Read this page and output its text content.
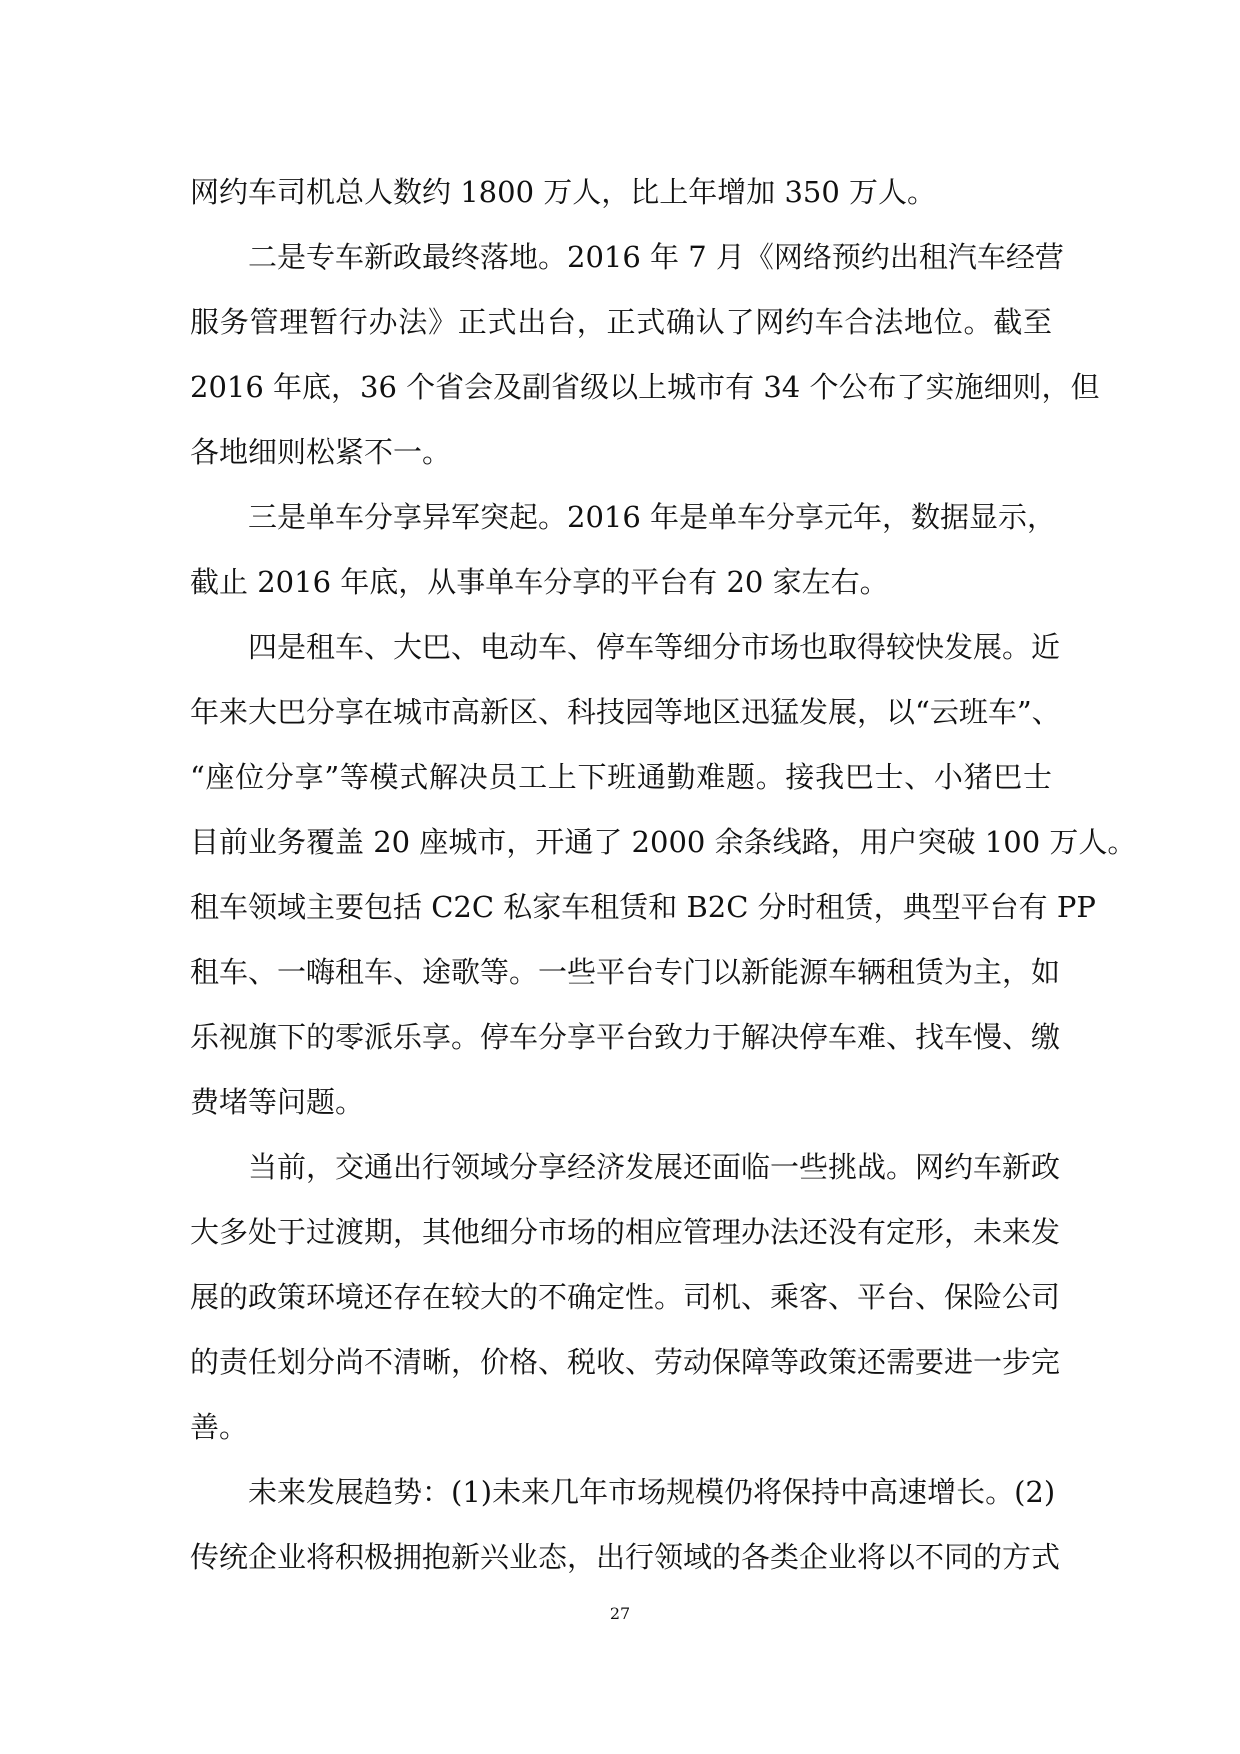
网约车司机总人数约 1800 万人，比上年增加 350 万人。
二是专车新政最终落地。2016 年 7 月《网络预约出租汽车经营
服务管理暂行办法》正式出台，正式确认了网约车合法地位。截至
2016 年底，36 个省会及副省级以上城市有 34 个公布了实施细则，但
各地细则松紧不一。
三是单车分享异军突起。2016 年是单车分享元年，数据显示，
截止 2016 年底，从事单车分享的平台有 20 家左右。
四是租车、大巴、电动车、停车等细分市场也取得较快发展。近
年来大巴分享在城市高新区、科技园等地区迅猛发展，以“云班车”、
“座位分享”等模式解决员工上下班通勤难题。接我巴士、小猪巴士
目前业务覆盖 20 座城市，开通了 2000 余条线路，用户突破 100 万人。
租车领域主要包括 C2C 私家车租赁和 B2C 分时租赁，典型平台有 PP
租车、一嗨租车、途歌等。一些平台专门以新能源车辆租赁为主，如
乐视旗下的零派乐享。停车分享平台致力于解决停车难、找车慢、缴
费堵等问题。
当前，交通出行领域分享经济发展还面临一些挑战。网约车新政
大多处于过渡期，其他细分市场的相应管理办法还没有定形，未来发
展的政策环境还存在较大的不确定性。司机、乘客、平台、保险公司
的责任划分尚不清晰，价格、税收、劳动保障等政策还需要进一步完
善。
未来发展趋势：(1)未来几年市场规模仍将保持中高速增长。(2)
传统企业将积极拥抱新兴业态，出行领域的各类企业将以不同的方式
27
